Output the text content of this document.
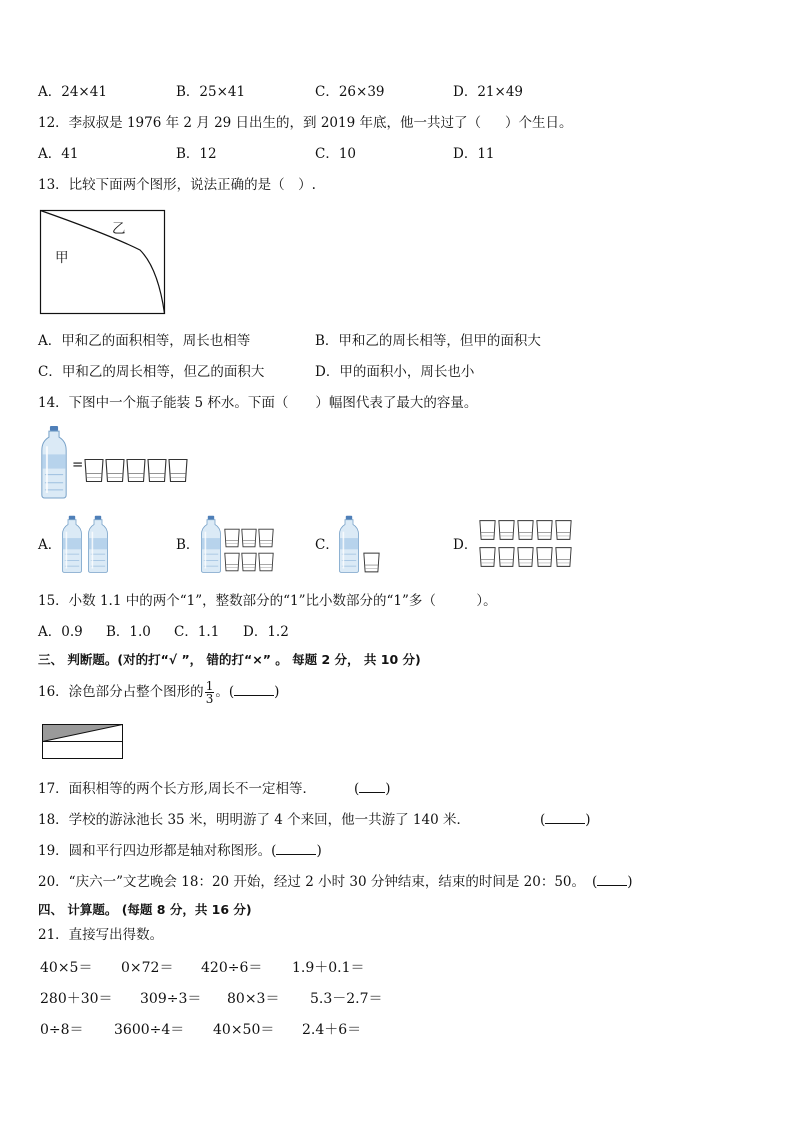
A．24×41	B．25×41	C．26×39	D．21×49
12．李叔叔是 1976 年 2 月 29 日出生的，到 2019 年底，他一共过了（ ）个生日。
A．41	B．12	C．10	D．11
13．比较下面两个图形，说法正确的是（　）.
乙
甲
A．甲和乙的面积相等，周长也相等	B．甲和乙的周长相等，但甲的面积大
C．甲和乙的周长相等，但乙的面积大	D．甲的面积小，周长也小
14．下图中一个瓶子能装 5 杯水。下面（　　）幅图代表了最大的容量。
=
A．	B．	C．	D．
15．小数 1.1 中的两个“1”，整数部分的“1”比小数部分的“1”多（　　　）。
A．0.9 B．1.0 C．1.1 D．1.2
三、 判断题。(对的打“√ ”， 错的打“×” 。 每题 2 分， 共 10 分)
16．涂色部分占整个图形的 $\frac{1}{3}$ 。(	)
17．面积相等的两个长方形,周长不一定相等．	( )
18．学校的游泳池长 35 米，明明游了 4 个来回，他一共游了 140 米．	(	)
19．圆和平行四边形都是轴对称图形。(	)
20．“庆六一”文艺晚会 18：20 开始，经过 2 小时 30 分钟结束，结束的时间是 20：50。 ( )
四、 计算题。 (每题 8 分，共 16 分)
21．直接写出得数。
40×5＝ 0×72＝ 420÷6＝ 1.9＋0.1＝
280＋30＝ 309÷3＝ 80×3＝ 5.3－2.7＝
0÷8＝ 3600÷4＝ 40×50＝ 2.4＋6＝
